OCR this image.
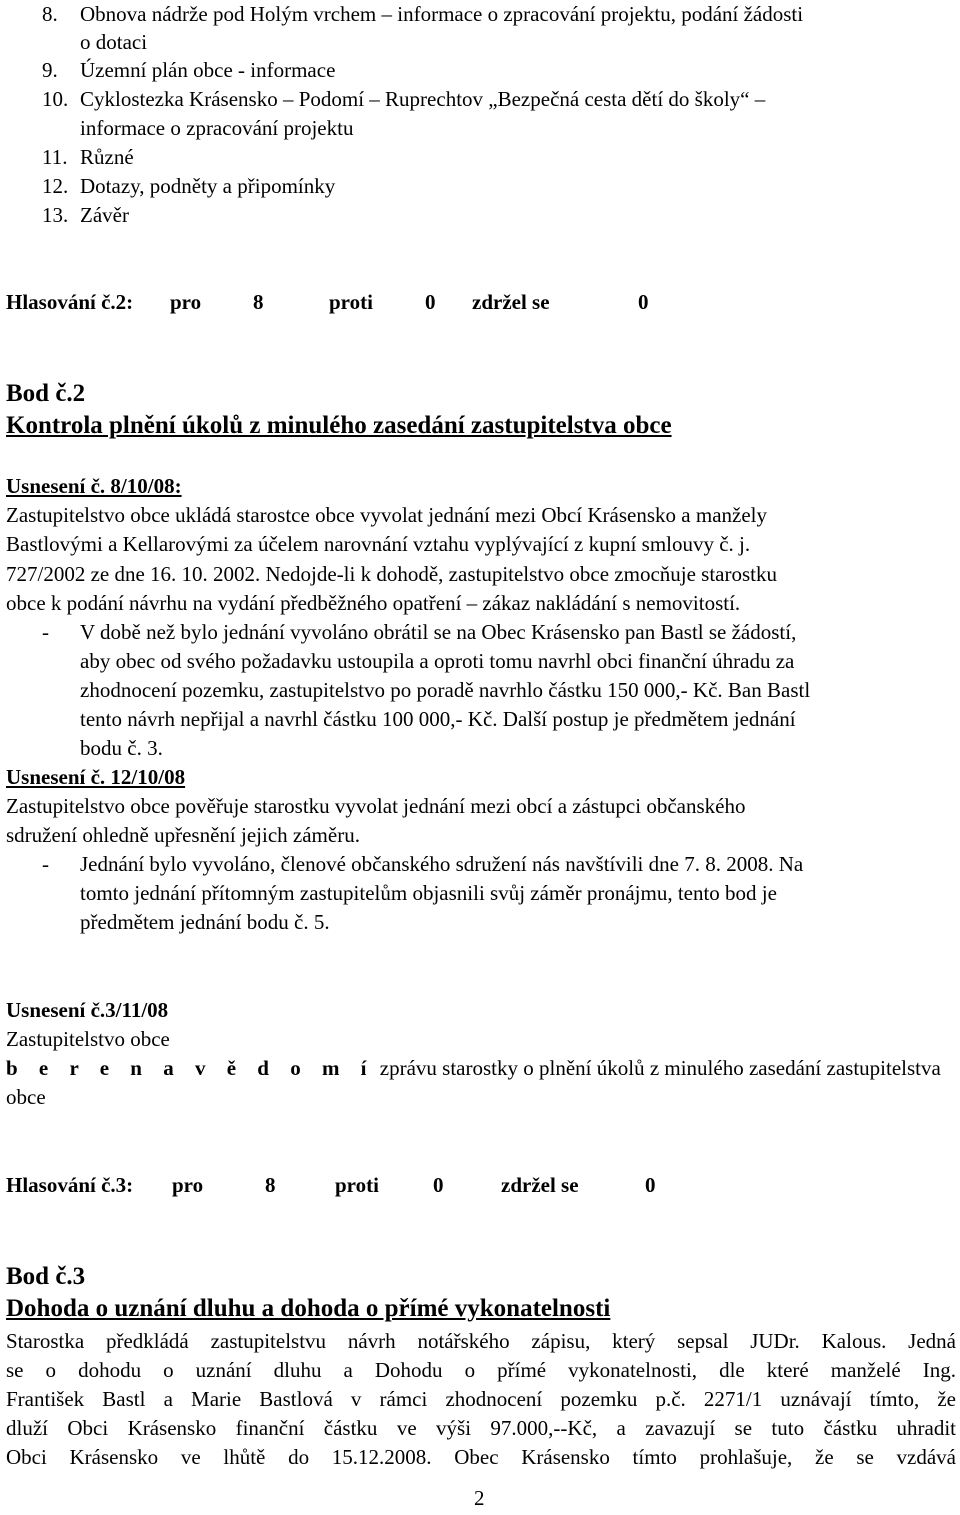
8. Obnova nádrže pod Holým vrchem – informace o zpracování projektu, podání žádosti
o dotaci
9. Územní plán obce - informace
10. Cyklostezka Krásensko – Podomí – Ruprechtov „Bezpečná cesta dětí do školy“ –
informace o zpracování projektu
11. Různé
12. Dotazy, podněty a připomínky
13. Závěr
Hlasování č.2: pro 8	proti 0 zdržel se	0
Bod č.2
Kontrola plnění úkolů z minulého zasedání zastupitelstva obce
Usnesení č. 8/10/08:
Zastupitelstvo obce ukládá starostce obce vyvolat jednání mezi Obcí Krásensko a manžely
Bastlovými a Kellarovými za účelem narovnání vztahu vyplývající z kupní smlouvy č. j.
727/2002 ze dne 16. 10. 2002. Nedojde-li k dohodě, zastupitelstvo obce zmocňuje starostku
obce k podání návrhu na vydání předběžného opatření – zákaz nakládání s nemovitostí.
- V době než bylo jednání vyvoláno obrátil se na Obec Krásensko pan Bastl se žádostí,
aby obec od svého požadavku ustoupila a oproti tomu navrhl obci finanční úhradu za
zhodnocení pozemku, zastupitelstvo po poradě navrhlo částku 150 000,- Kč. Ban Bastl
tento návrh nepřijal a navrhl částku 100 000,- Kč. Další postup je předmětem jednání
bodu č. 3.
Usnesení č. 12/10/08
Zastupitelstvo obce pověřuje starostku vyvolat jednání mezi obcí a zástupci občanského
sdružení ohledně upřesnění jejich záměru.
- Jednání bylo vyvoláno, členové občanského sdružení nás navštívili dne 7. 8. 2008. Na
tomto jednání přítomným zastupitelům objasnili svůj záměr pronájmu, tento bod je
předmětem jednání bodu č. 5.
Usnesení č.3/11/08
Zastupitelstvo obce
b e r e n a v ě d o m í zprávu starostky o plnění úkolů z minulého zasedání zastupitelstva
obce
Hlasování č.3: pro	8	proti	0	zdržel se	0
Bod č.3
Dohoda o uznání dluhu a dohoda o přímé vykonatelnosti
Starostka předkládá zastupitelstvu návrh notářského zápisu, který sepsal JUDr. Kalous. Jedná
se o dohodu o uznání dluhu a Dohodu o přímé vykonatelnosti, dle které manželé Ing.
František Bastl a Marie Bastlová v rámci zhodnocení pozemku p.č. 2271/1 uznávají tímto, že
dluží Obci Krásensko finanční částku ve výši 97.000,--Kč, a zavazují se tuto částku uhradit
Obci Krásensko ve lhůtě do 15.12.2008. Obec Krásensko tímto prohlašuje, že se vzdává
2
